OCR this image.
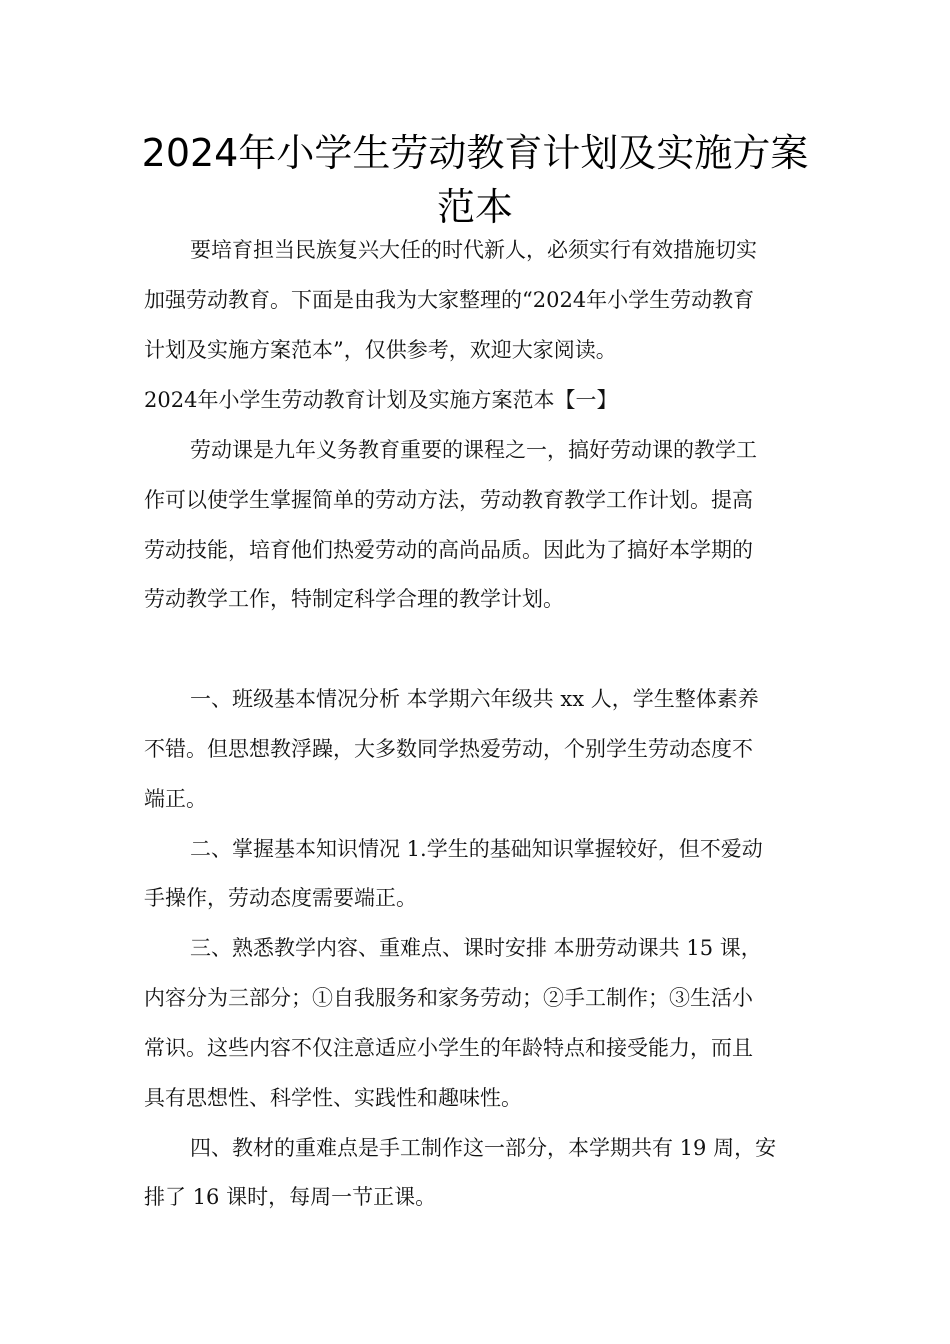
2024年小学生劳动教育计划及实施方案
范本

要培育担当民族复兴大任的时代新人，必须实行有效措施切实

加强劳动教育。下面是由我为大家整理的“2024年小学生劳动教育

计划及实施方案范本”，仅供参考，欢迎大家阅读。

2024年小学生劳动教育计划及实施方案范本【一】

劳动课是九年义务教育重要的课程之一，搞好劳动课的教学工

作可以使学生掌握简单的劳动方法，劳动教育教学工作计划。提高

劳动技能，培育他们热爱劳动的高尚品质。因此为了搞好本学期的

劳动教学工作，特制定科学合理的教学计划。

一、班级基本情况分析 本学期六年级共 xx 人，学生整体素养

不错。但思想教浮躁，大多数同学热爱劳动，个别学生劳动态度不

端正。

二、掌握基本知识情况 1.学生的基础知识掌握较好，但不爱动

手操作，劳动态度需要端正。

三、熟悉教学内容、重难点、课时安排 本册劳动课共 15 课，

内容分为三部分；①自我服务和家务劳动；②手工制作；③生活小

常识。这些内容不仅注意适应小学生的年龄特点和接受能力，而且

具有思想性、科学性、实践性和趣味性。

四、教材的重难点是手工制作这一部分，本学期共有 19 周，安

排了 16 课时，每周一节正课。
